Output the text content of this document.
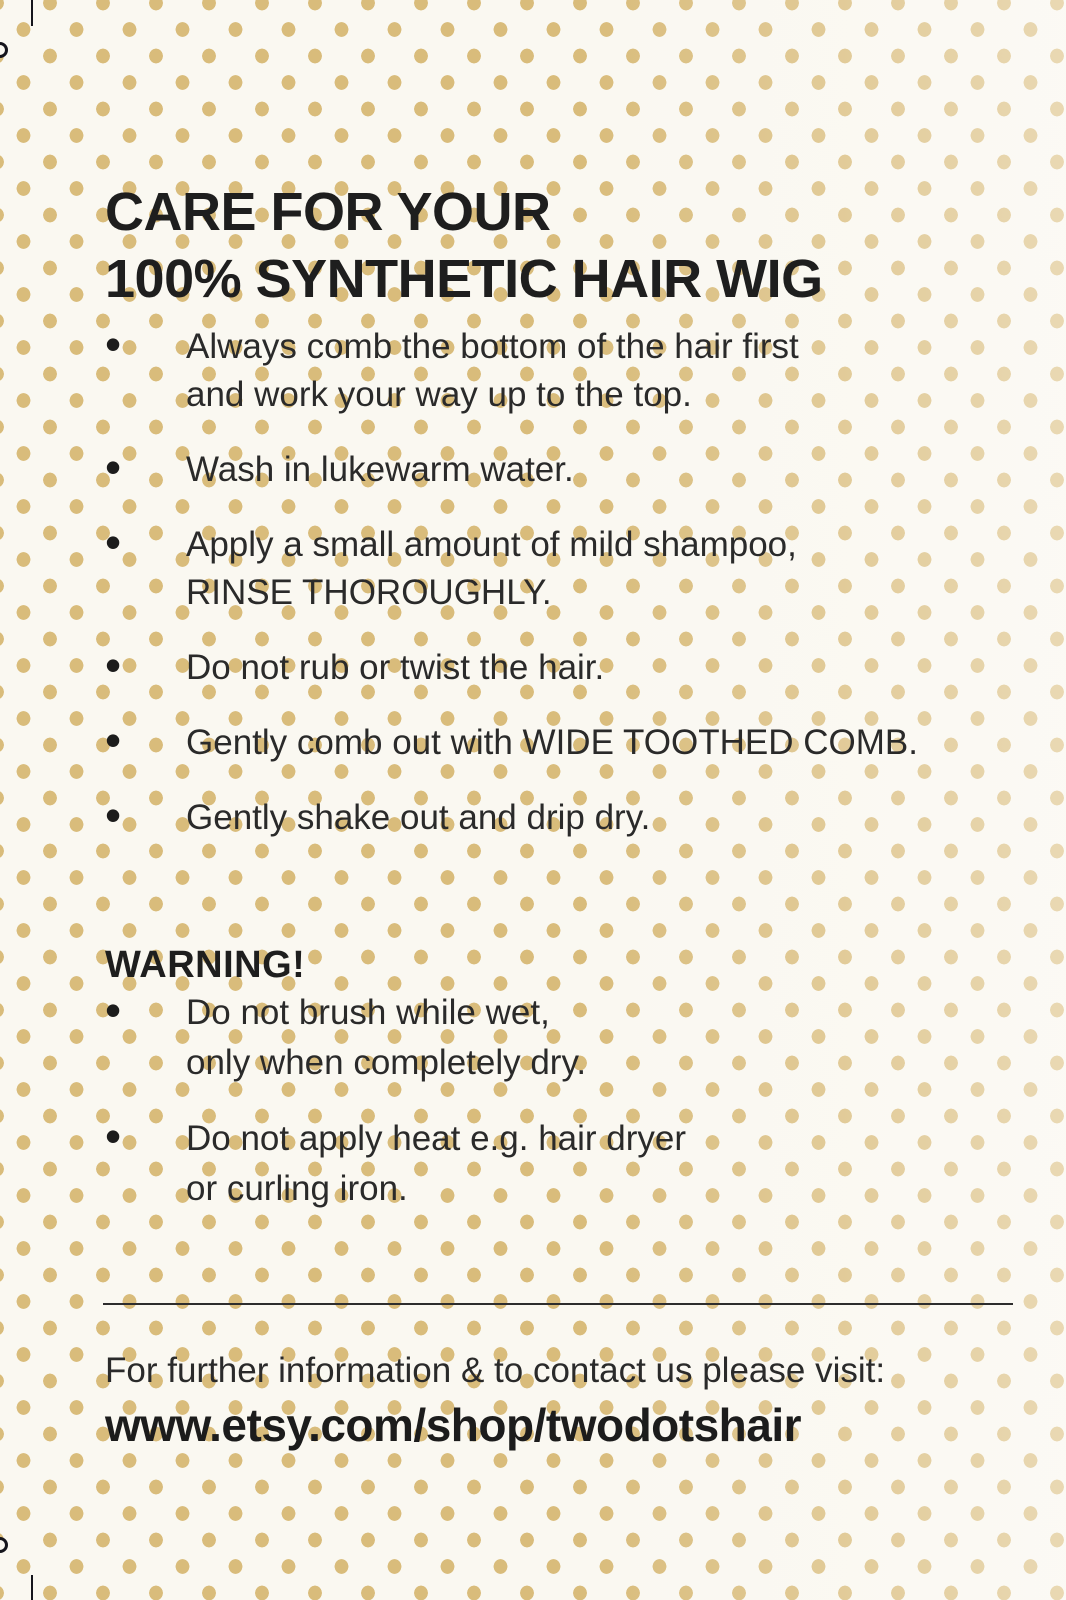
CARE FOR YOUR
100% SYNTHETIC HAIR WIG
• Always comb the bottom of the hair first
and work your way up to the top.
• Wash in lukewarm water.
• Apply a small amount of mild shampoo,
RINSE THOROUGHLY.
• Do not rub or twist the hair.
• Gently comb out with WIDE TOOTHED COMB.
• Gently shake out and drip dry.
WARNING!
• Do not brush while wet,
only when completely dry.
• Do not apply heat e.g. hair dryer
or curling iron.
For further information & to contact us please visit:
www.etsy.com/shop/twodotshair
